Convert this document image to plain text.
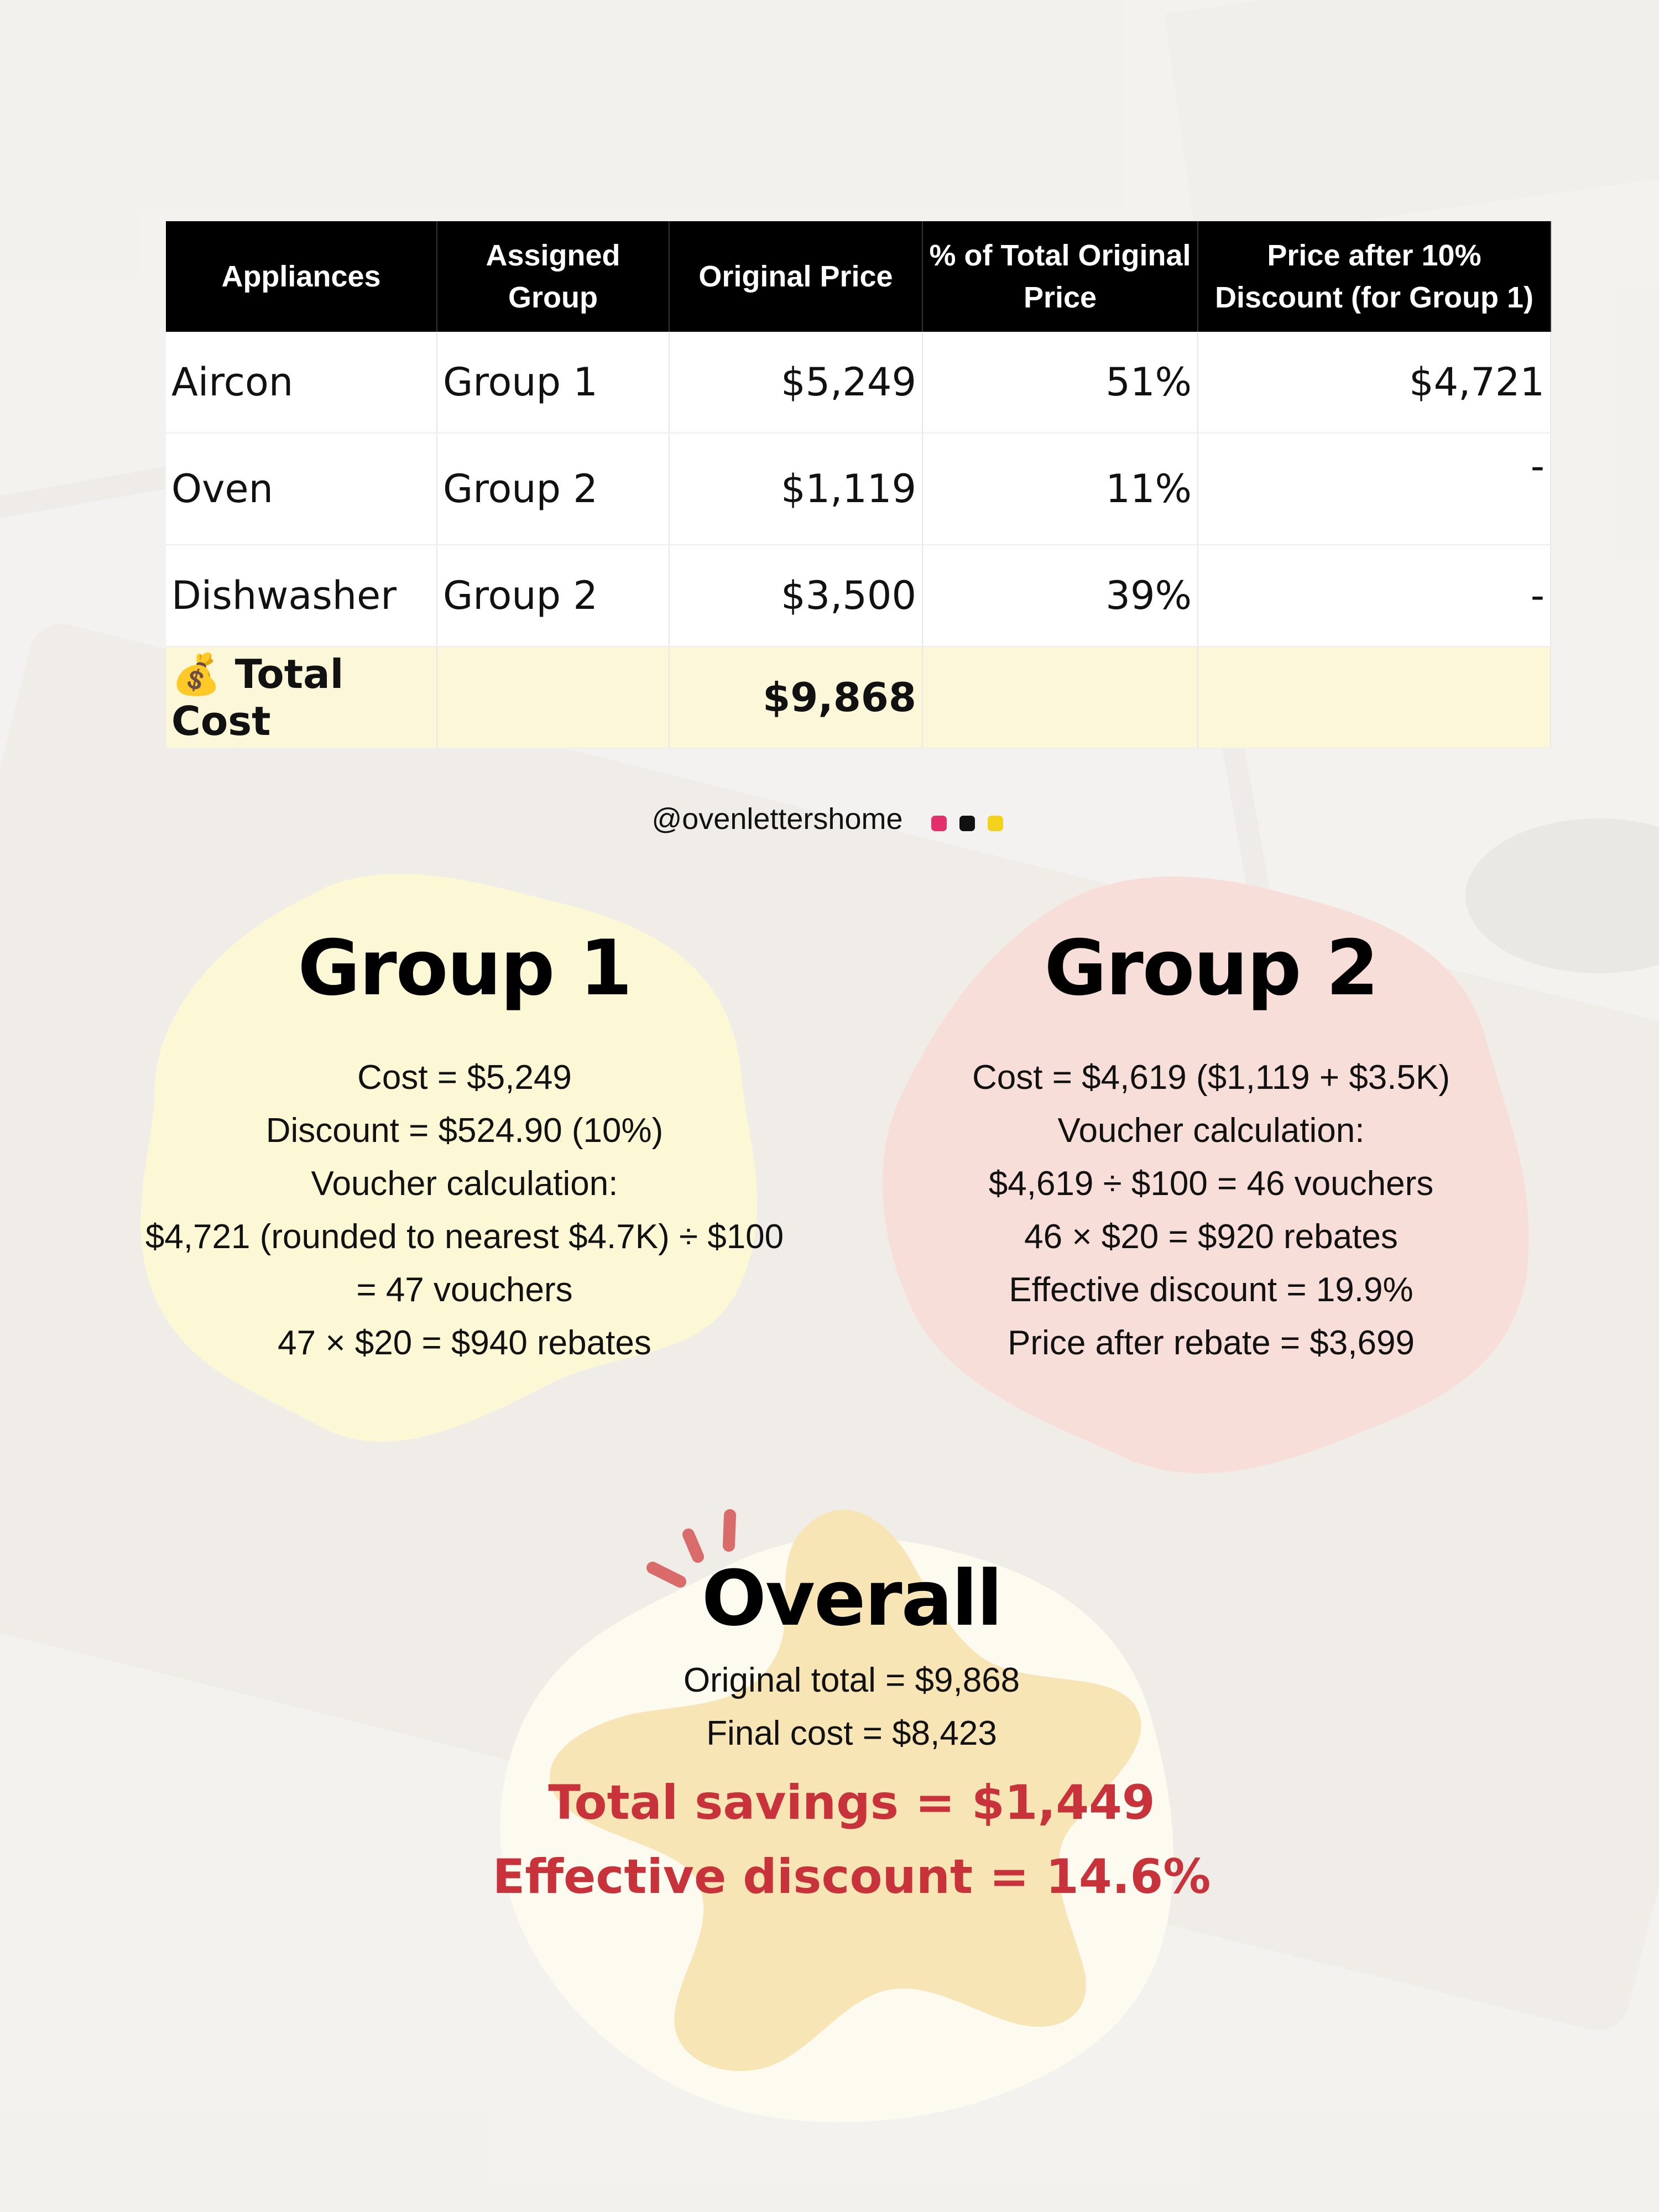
Appliances	Assigned Group	Original Price	% of Total Original Price	Price after 10% Discount (for Group 1)
Aircon	Group 1	$5,249	51%	$4,721
Oven	Group 2	$1,119	11%	-
Dishwasher	Group 2	$3,500	39%	-
💰 Total Cost		$9,868		
@ovenlettershome
Group 1
Cost = $5,249
Discount = $524.90 (10%)
Voucher calculation:
$4,721 (rounded to nearest $4.7K) ÷ $100
= 47 vouchers
47 × $20 = $940 rebates
Group 2
Cost = $4,619 ($1,119 + $3.5K)
Voucher calculation:
$4,619 ÷ $100 = 46 vouchers
46 × $20 = $920 rebates
Effective discount = 19.9%
Price after rebate = $3,699
Overall
Original total = $9,868
Final cost = $8,423
Total savings = $1,449
Effective discount = 14.6%
